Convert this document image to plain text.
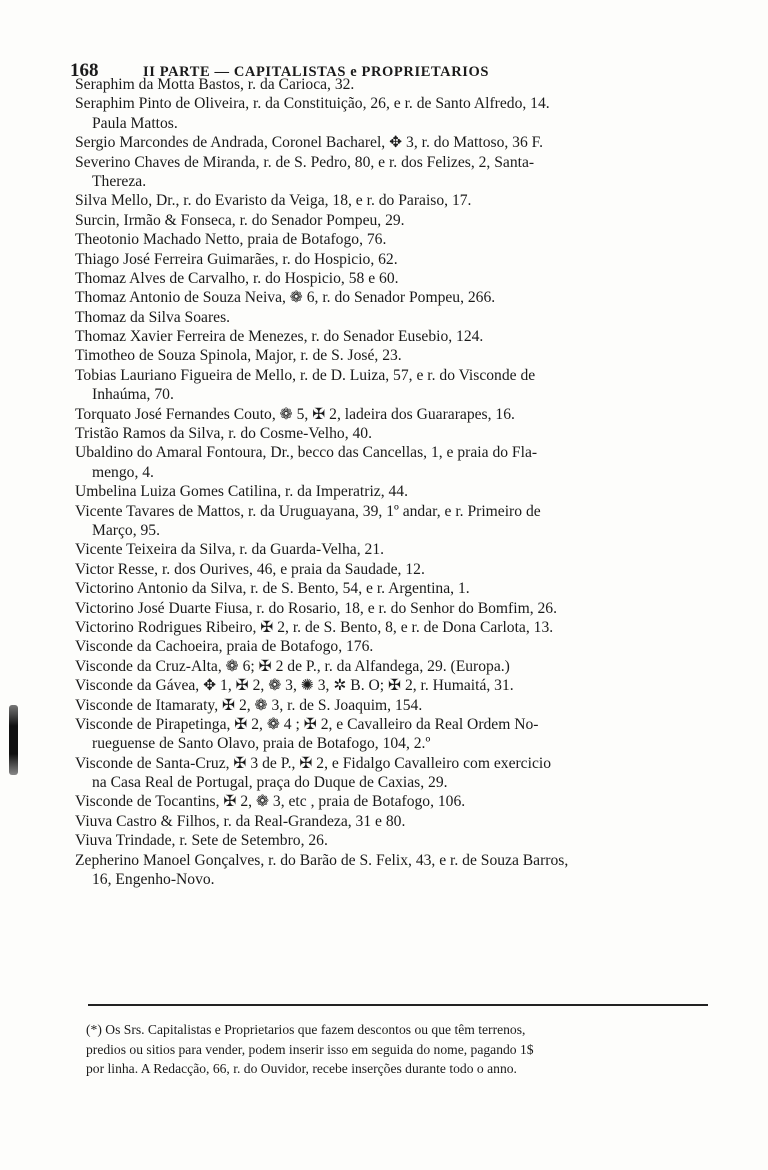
168	II PARTE — CAPITALISTAS e PROPRIETARIOS
Seraphim da Motta Bastos, r. da Carioca, 32.
Seraphim Pinto de Oliveira, r. da Constituição, 26, e r. de Santo Alfredo, 14.
Paula Mattos.
Sergio Marcondes de Andrada, Coronel Bacharel, ✥ 3, r. do Mattoso, 36 F.
Severino Chaves de Miranda, r. de S. Pedro, 80, e r. dos Felizes, 2, Santa-
Thereza.
Silva Mello, Dr., r. do Evaristo da Veiga, 18, e r. do Paraiso, 17.
Surcin, Irmão & Fonseca, r. do Senador Pompeu, 29.
Theotonio Machado Netto, praia de Botafogo, 76.
Thiago José Ferreira Guimarães, r. do Hospicio, 62.
Thomaz Alves de Carvalho, r. do Hospicio, 58 e 60.
Thomaz Antonio de Souza Neiva, ❁ 6, r. do Senador Pompeu, 266.
Thomaz da Silva Soares.
Thomaz Xavier Ferreira de Menezes, r. do Senador Eusebio, 124.
Timotheo de Souza Spinola, Major, r. de S. José, 23.
Tobias Lauriano Figueira de Mello, r. de D. Luiza, 57, e r. do Visconde de
Inhaúma, 70.
Torquato José Fernandes Couto, ❁ 5, ✠ 2, ladeira dos Guararapes, 16.
Tristão Ramos da Silva, r. do Cosme-Velho, 40.
Ubaldino do Amaral Fontoura, Dr., becco das Cancellas, 1, e praia do Fla-
mengo, 4.
Umbelina Luiza Gomes Catilina, r. da Imperatriz, 44.
Vicente Tavares de Mattos, r. da Uruguayana, 39, 1º andar, e r. Primeiro de
Março, 95.
Vicente Teixeira da Silva, r. da Guarda-Velha, 21.
Victor Resse, r. dos Ourives, 46, e praia da Saudade, 12.
Victorino Antonio da Silva, r. de S. Bento, 54, e r. Argentina, 1.
Victorino José Duarte Fiusa, r. do Rosario, 18, e r. do Senhor do Bomfim, 26.
Victorino Rodrigues Ribeiro, ✠ 2, r. de S. Bento, 8, e r. de Dona Carlota, 13.
Visconde da Cachoeira, praia de Botafogo, 176.
Visconde da Cruz-Alta, ❁ 6; ✠ 2 de P., r. da Alfandega, 29. (Europa.)
Visconde da Gávea, ✥ 1, ✠ 2, ❁ 3, ✺ 3, ✲ B. O; ✠ 2, r. Humaitá, 31.
Visconde de Itamaraty, ✠ 2, ❁ 3, r. de S. Joaquim, 154.
Visconde de Pirapetinga, ✠ 2, ❁ 4 ; ✠ 2, e Cavalleiro da Real Ordem No-
rueguense de Santo Olavo, praia de Botafogo, 104, 2.º
Visconde de Santa-Cruz, ✠ 3 de P., ✠ 2, e Fidalgo Cavalleiro com exercicio
na Casa Real de Portugal, praça do Duque de Caxias, 29.
Visconde de Tocantins, ✠ 2, ❁ 3, etc , praia de Botafogo, 106.
Viuva Castro & Filhos, r. da Real-Grandeza, 31 e 80.
Viuva Trindade, r. Sete de Setembro, 26.
Zepherino Manoel Gonçalves, r. do Barão de S. Felix, 43, e r. de Souza Barros,
16, Engenho-Novo.
(*) Os Srs. Capitalistas e Proprietarios que fazem descontos ou que têm terrenos,
predios ou sitios para vender, podem inserir isso em seguida do nome, pagando 1$
por linha. A Redacção, 66, r. do Ouvidor, recebe inserções durante todo o anno.
